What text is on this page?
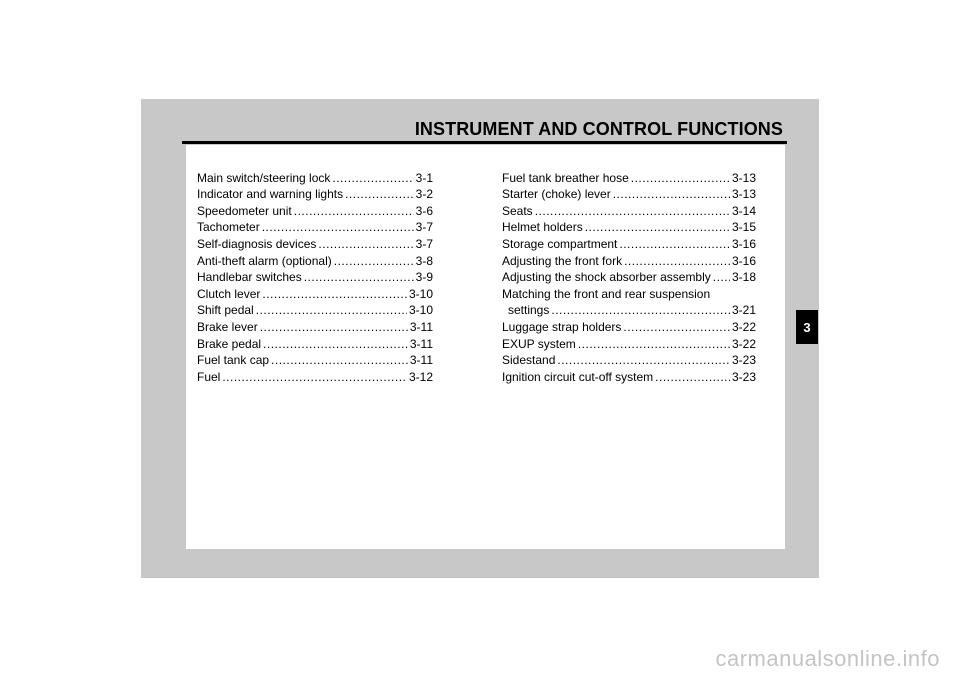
INSTRUMENT AND CONTROL FUNCTIONS
Main switch/steering lock .....	3-1
Indicator and warning lights .....	3-2
Speedometer unit .....	3-6
Tachometer .....	3-7
Self-diagnosis devices .....	3-7
Anti-theft alarm (optional) .....	3-8
Handlebar switches .....	3-9
Clutch lever .....	3-10
Shift pedal .....	3-10
Brake lever .....	3-11
Brake pedal .....	3-11
Fuel tank cap .....	3-11
Fuel .....	3-12
Fuel tank breather hose .....	3-13
Starter (choke) lever .....	3-13
Seats .....	3-14
Helmet holders .....	3-15
Storage compartment .....	3-16
Adjusting the front fork .....	3-16
Adjusting the shock absorber assembly ..... 3-18
Matching the front and rear suspension
settings .....	3-21
Luggage strap holders .....	3-22
EXUP system .....	3-22
Sidestand .....	3-23
Ignition circuit cut-off system .....	3-23
3
carmanualsonline.info
